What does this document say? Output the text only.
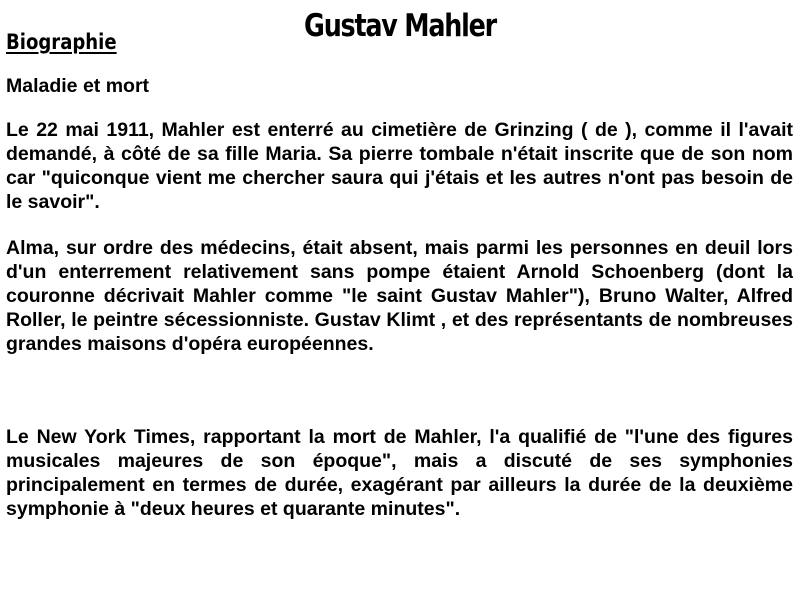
Gustav Mahler
Biographie
Maladie et mort

Le 22 mai 1911, Mahler est enterré au cimetière de Grinzing ( de ), comme il l'avait demandé, à côté de sa fille Maria. Sa pierre tombale n'était inscrite que de son nom car "quiconque vient me chercher saura qui j'étais et les autres n'ont pas besoin de le savoir".

Alma, sur ordre des médecins, était absent, mais parmi les personnes en deuil lors d'un enterrement relativement sans pompe étaient Arnold Schoenberg (dont la couronne décrivait Mahler comme "le saint Gustav Mahler"), Bruno Walter, Alfred Roller, le peintre sécessionniste. Gustav Klimt , et des représentants de nombreuses grandes maisons d'opéra européennes.

Le New York Times, rapportant la mort de Mahler, l'a qualifié de "l'une des figures musicales majeures de son époque", mais a discuté de ses symphonies principalement en termes de durée, exagérant par ailleurs la durée de la deuxième symphonie à "deux heures et quarante minutes".
